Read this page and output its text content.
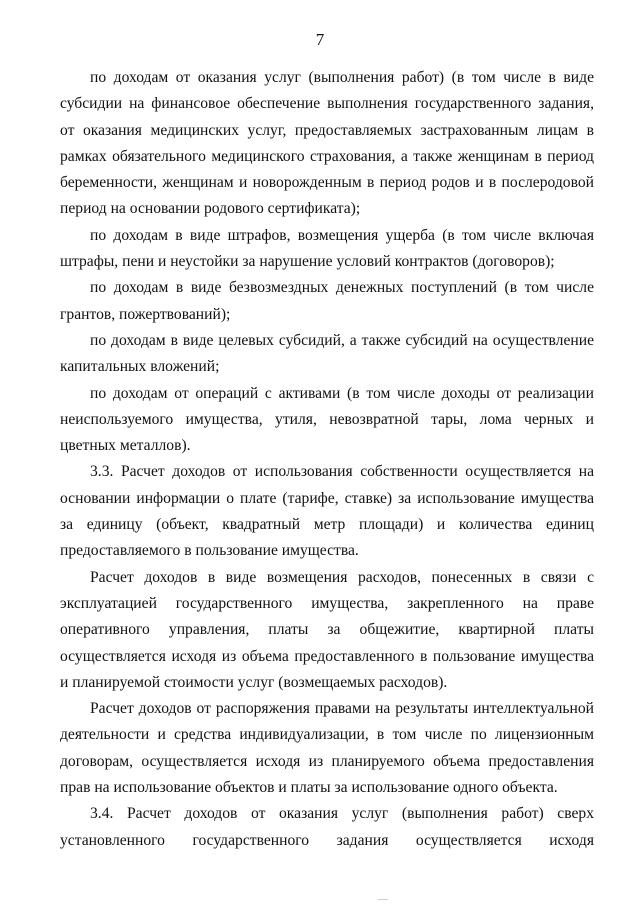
7

по доходам от оказания услуг (выполнения работ) (в том числе в виде субсидии на финансовое обеспечение выполнения государственного задания, от оказания медицинских услуг, предоставляемых застрахованным лицам в рамках обязательного медицинского страхования, а также женщинам в период беременности, женщинам и новорожденным в период родов и в послеродовой период на основании родового сертификата);

по доходам в виде штрафов, возмещения ущерба (в том числе включая штрафы, пени и неустойки за нарушение условий контрактов (договоров);

по доходам в виде безвозмездных денежных поступлений (в том числе грантов, пожертвований);

по доходам в виде целевых субсидий, а также субсидий на осуществление капитальных вложений;

по доходам от операций с активами (в том числе доходы от реализации неиспользуемого имущества, утиля, невозвратной тары, лома черных и цветных металлов).

3.3. Расчет доходов от использования собственности осуществляется на основании информации о плате (тарифе, ставке) за использование имущества за единицу (объект, квадратный метр площади) и количества единиц предоставляемого в пользование имущества.

Расчет доходов в виде возмещения расходов, понесенных в связи с эксплуатацией государственного имущества, закрепленного на праве оперативного управления, платы за общежитие, квартирной платы осуществляется исходя из объема предоставленного в пользование имущества и планируемой стоимости услуг (возмещаемых расходов).

Расчет доходов от распоряжения правами на результаты интеллектуальной деятельности и средства индивидуализации, в том числе по лицензионным договорам, осуществляется исходя из планируемого объема предоставления прав на использование объектов и платы за использование одного объекта.

3.4. Расчет доходов от оказания услуг (выполнения работ) сверх установленного государственного задания осуществляется исходя
